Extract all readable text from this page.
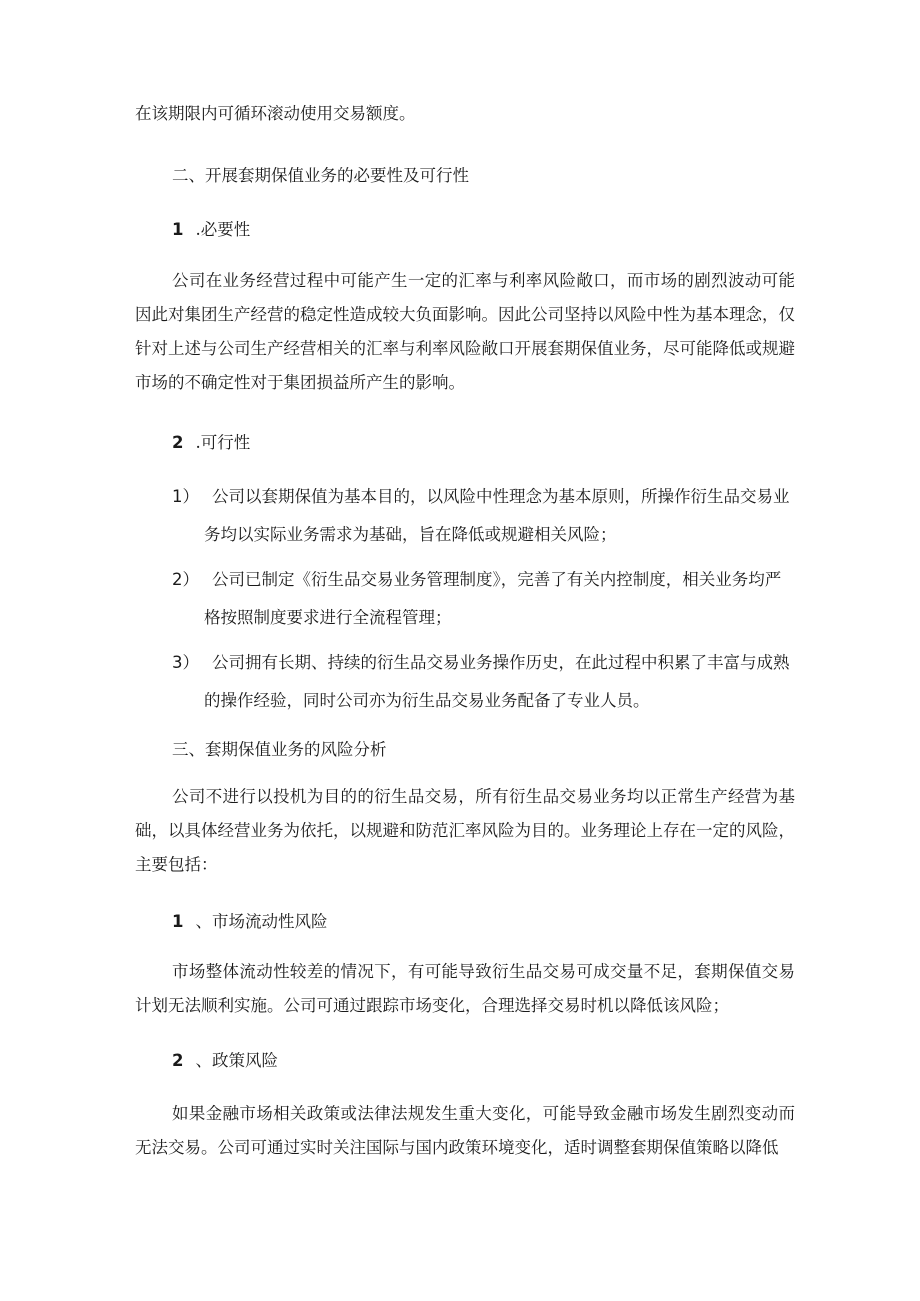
在该期限内可循环滚动使用交易额度。
二、开展套期保值业务的必要性及可行性
1 .必要性
公司在业务经营过程中可能产生一定的汇率与利率风险敞口，而市场的剧烈波动可能因此对集团生产经营的稳定性造成较大负面影响。因此公司坚持以风险中性为基本理念，仅针对上述与公司生产经营相关的汇率与利率风险敞口开展套期保值业务，尽可能降低或规避市场的不确定性对于集团损益所产生的影响。
2 .可行性
1） 公司以套期保值为基本目的，以风险中性理念为基本原则，所操作衍生品交易业
务均以实际业务需求为基础，旨在降低或规避相关风险；
2） 公司已制定《衍生品交易业务管理制度》，完善了有关内控制度，相关业务均严
格按照制度要求进行全流程管理；
3） 公司拥有长期、持续的衍生品交易业务操作历史，在此过程中积累了丰富与成熟
的操作经验，同时公司亦为衍生品交易业务配备了专业人员。
三、套期保值业务的风险分析
公司不进行以投机为目的的衍生品交易，所有衍生品交易业务均以正常生产经营为基础，以具体经营业务为依托，以规避和防范汇率风险为目的。业务理论上存在一定的风险，主要包括：
1 、市场流动性风险
市场整体流动性较差的情况下，有可能导致衍生品交易可成交量不足，套期保值交易计划无法顺利实施。公司可通过跟踪市场变化，合理选择交易时机以降低该风险；
2 、政策风险
如果金融市场相关政策或法律法规发生重大变化，可能导致金融市场发生剧烈变动而无法交易。公司可通过实时关注国际与国内政策环境变化，适时调整套期保值策略以降低
